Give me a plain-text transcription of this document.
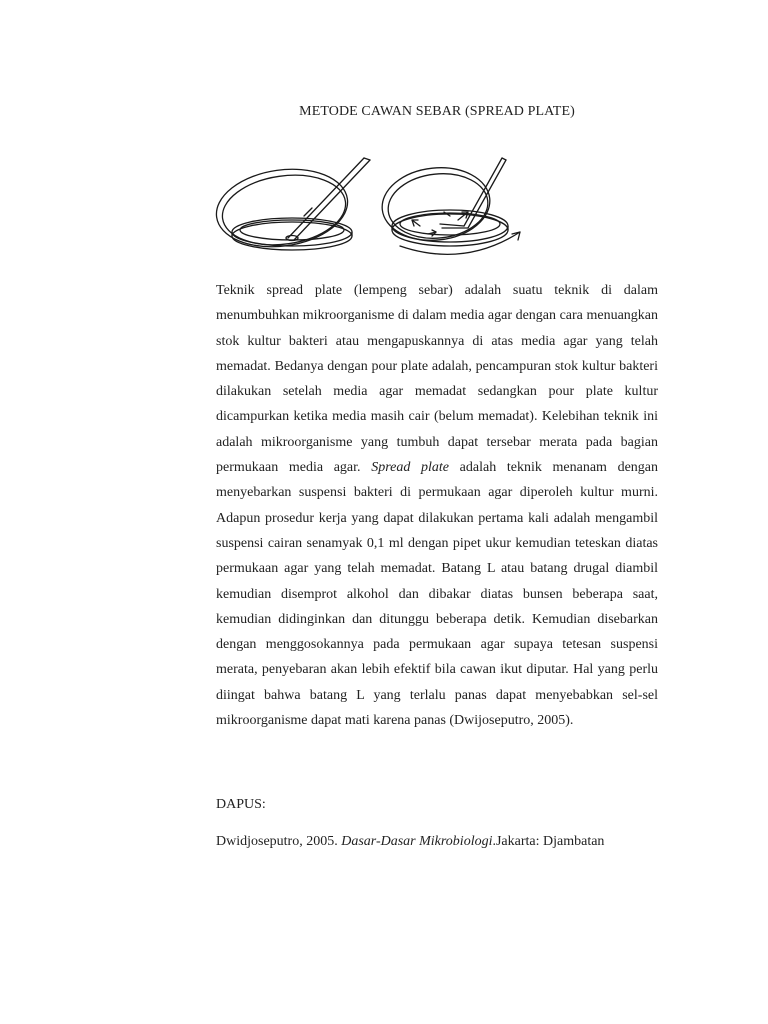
METODE CAWAN SEBAR (SPREAD PLATE)

Teknik spread plate (lempeng sebar) adalah suatu teknik di dalam menumbuhkan mikroorganisme di dalam media agar dengan cara menuangkan stok kultur bakteri atau mengapuskannya di atas media agar yang telah memadat. Bedanya dengan pour plate adalah, pencampuran stok kultur bakteri dilakukan setelah media agar memadat sedangkan pour plate kultur dicampurkan ketika media masih cair (belum memadat). Kelebihan teknik ini adalah mikroorganisme yang tumbuh dapat tersebar merata pada bagian permukaan media agar. Spread plate adalah teknik menanam dengan menyebarkan suspensi bakteri di permukaan agar diperoleh kultur murni. Adapun prosedur kerja yang dapat dilakukan pertama kali adalah mengambil suspensi cairan senamyak 0,1 ml dengan pipet ukur kemudian teteskan diatas permukaan agar yang telah memadat. Batang L atau batang drugal diambil kemudian disemprot alkohol dan dibakar diatas bunsen beberapa saat, kemudian didinginkan dan ditunggu beberapa detik. Kemudian disebarkan dengan menggosokannya pada permukaan agar supaya tetesan suspensi merata, penyebaran akan lebih efektif bila cawan ikut diputar. Hal yang perlu diingat bahwa batang L yang terlalu panas dapat menyebabkan sel-sel mikroorganisme dapat mati karena panas (Dwijoseputro, 2005).

DAPUS:

Dwidjoseputro, 2005. Dasar-Dasar Mikrobiologi.Jakarta: Djambatan
